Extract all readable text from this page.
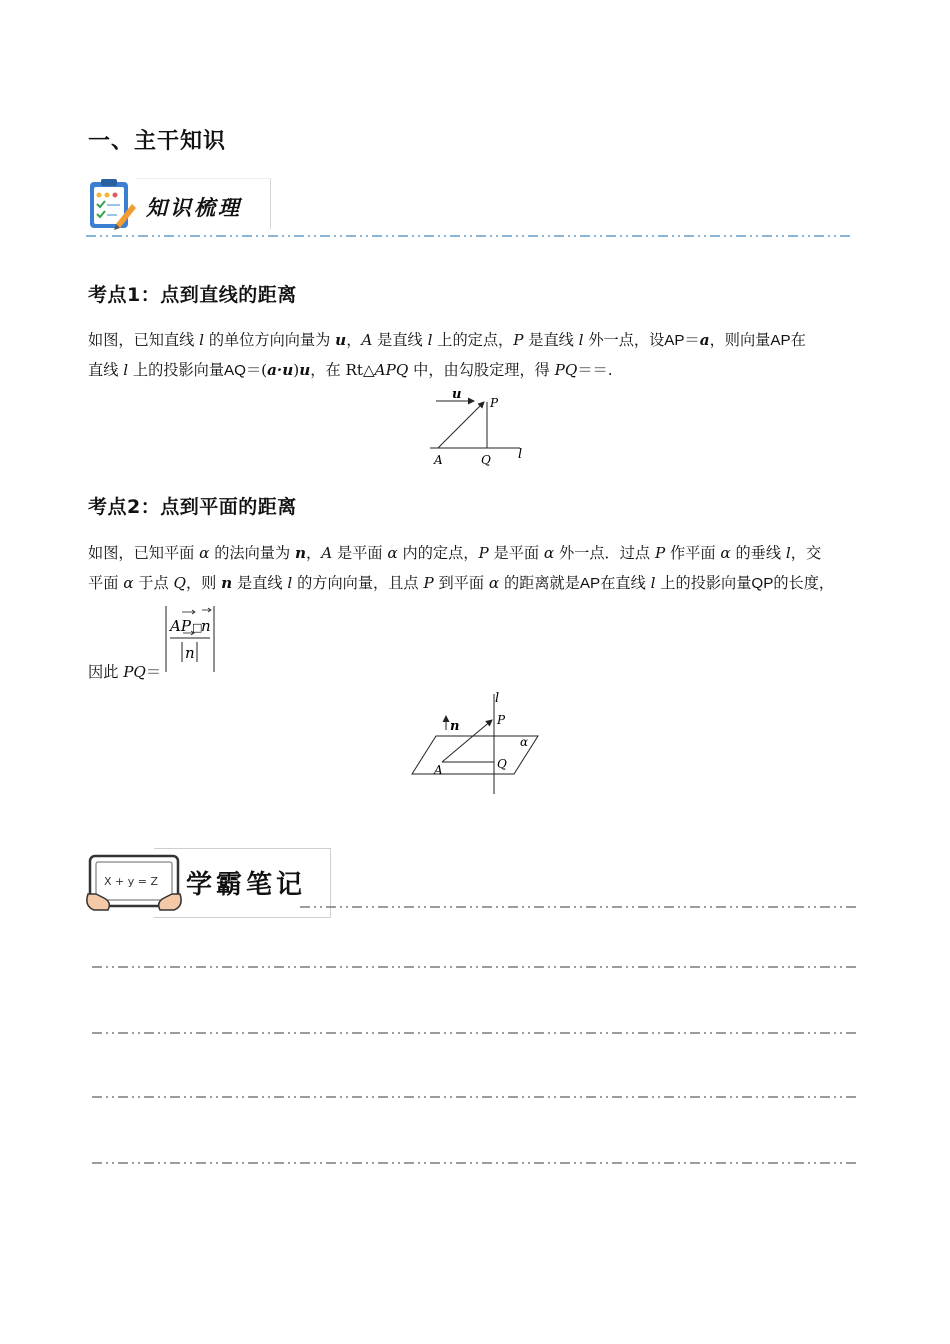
一、主干知识
知识梳理
考点1：点到直线的距离
如图，已知直线 l 的单位方向向量为 u，A 是直线 l 上的定点，P 是直线 l 外一点，设AP＝a，则向量AP在
直线 l 上的投影向量AQ＝(a·u)u，在 Rt△APQ 中，由勾股定理，得 PQ＝＝.
u
P
A	Q l
考点2：点到平面的距离
如图，已知平面 α 的法向量为 n，A 是平面 α 内的定点，P 是平面 α 外一点．过点 P 作平面 α 的垂线 l，交
平面 α 于点 Q，则 n 是直线 l 的方向向量，且点 P 到平面 α 的距离就是AP在直线 l 上的投影向量QP的长度，
因此 PQ＝
AP □
n
n
l
n	P
α
A	Q
X + y = Z 学霸笔记
